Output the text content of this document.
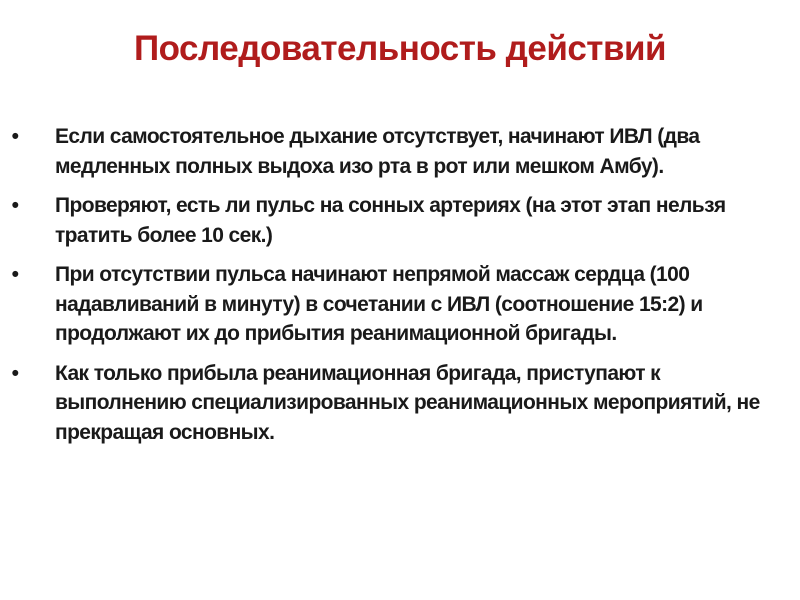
Последовательность действий
• Если самостоятельное дыхание отсутствует, начинают ИВЛ (два медленных полных выдоха изо рта в рот или мешком Амбу).
• Проверяют, есть ли пульс на сонных артериях (на этот этап нельзя тратить более 10 сек.)
• При отсутствии пульса начинают непрямой массаж сердца (100 надавливаний в минуту) в сочетании с ИВЛ (соотношение 15:2) и продолжают их до прибытия реанимационной бригады.
• Как только прибыла реанимационная бригада, приступают к выполнению специализированных реанимационных мероприятий, не прекращая основных.
